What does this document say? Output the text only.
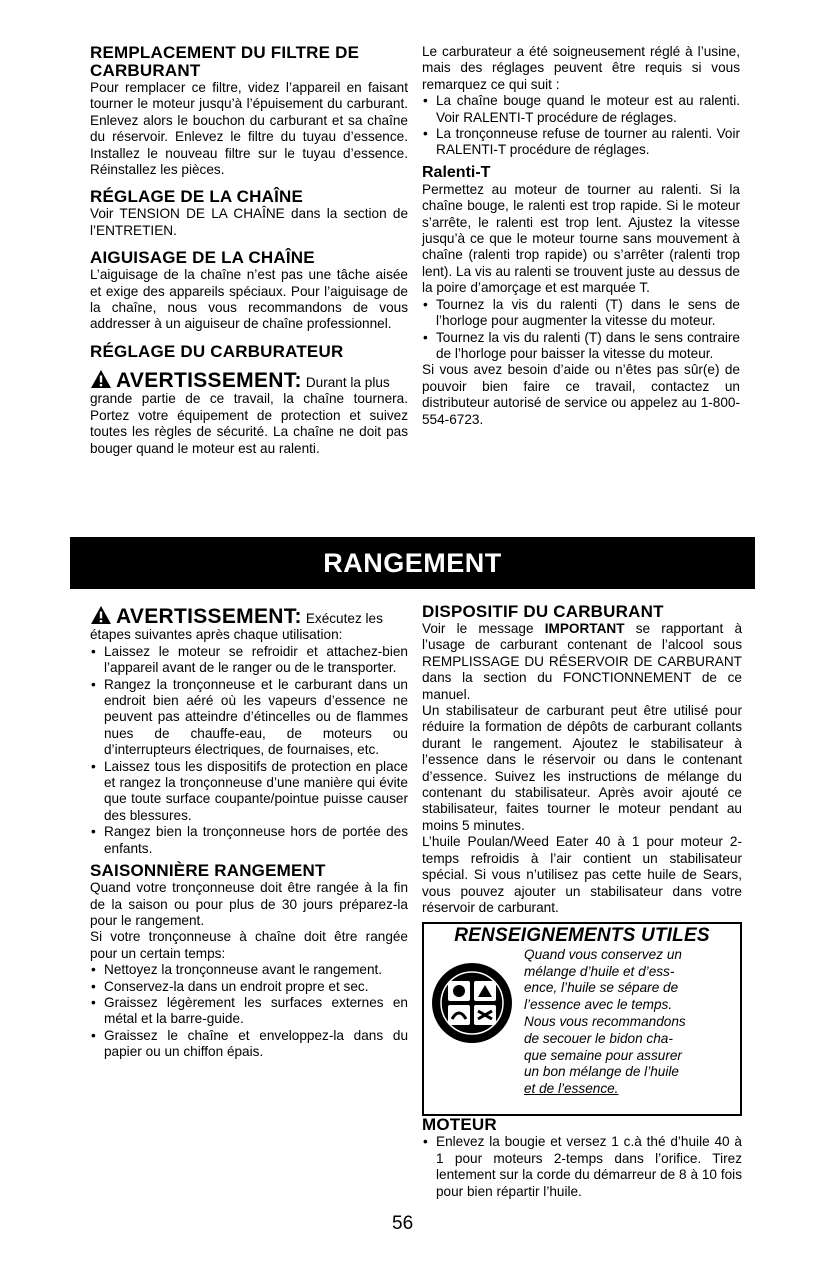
REMPLACEMENT DU FILTRE DE CARBURANT

Pour remplacer ce filtre, videz l’appareil en faisant tourner le moteur jusqu’à l’épuisement du carburant. Enlevez alors le bouchon du carburant et sa chaîne du réservoir. Enlevez le filtre du tuyau d’essence. Installez le nouveau filtre sur le tuyau d’essence. Réinstallez les pièces.

RÉGLAGE DE LA CHAÎNE

Voir TENSION DE LA CHAÎNE dans la section de l’ENTRETIEN.

AIGUISAGE DE LA CHAÎNE

L’aiguisage de la chaîne n’est pas une tâche aisée et exige des appareils spéciaux. Pour l’aiguisage de la chaîne, nous vous recommandons de vous addresser à un aiguiseur de chaîne professionnel.

RÉGLAGE DU CARBURATEUR
AVERTISSEMENT: Durant la plus

grande partie de ce travail, la chaîne tournera. Portez votre équipement de protection et suivez toutes les règles de sécurité. La chaîne ne doit pas bouger quand le moteur est au ralenti.

Le carburateur a été soigneusement réglé à l’usine, mais des réglages peuvent être requis si vous remarquez ce qui suit :

• La chaîne bouge quand le moteur est au ralenti. Voir RALENTI-T procédure de réglages.
• La tronçonneuse refuse de tourner au ralenti. Voir RALENTI-T procédure de réglages.
Ralenti-T

Permettez au moteur de tourner au ralenti. Si la chaîne bouge, le ralenti est trop rapide. Si le moteur s’arrête, le ralenti est trop lent. Ajustez la vitesse jusqu’à ce que le moteur tourne sans mouvement à chaîne (ralenti trop rapide) ou s’arrêter (ralenti trop lent). La vis au ralenti se trouvent juste au dessus de la poire d’amorçage et est marquée T.

• Tournez la vis du ralenti (T) dans le sens de l’horloge pour augmenter la vitesse du moteur.
• Tournez la vis du ralenti (T) dans le sens contraire de l’horloge pour baisser la vitesse du moteur.

Si vous avez besoin d’aide ou n’êtes pas sûr(e) de pouvoir bien faire ce travail, contactez un distributeur autorisé de service ou appelez au 1-800-554-6723.

RANGEMENT
AVERTISSEMENT: Exécutez les

étapes suivantes après chaque utilisation:

• Laissez le moteur se refroidir et attachez-bien l’appareil avant de le ranger ou de le transporter.
• Rangez la tronçonneuse et le carburant dans un endroit bien aéré où les vapeurs d’essence ne peuvent pas atteindre d’étincelles ou de flammes nues de chauffe-eau, de moteurs ou d’interrupteurs électriques, de fournaises, etc.
• Laissez tous les dispositifs de protection en place et rangez la tronçonneuse d’une manière qui évite que toute surface coupante/pointue puisse causer des blessures.
• Rangez bien la tronçonneuse hors de portée des enfants.
SAISONNIÈRE RANGEMENT

Quand votre tronçonneuse doit être rangée à la fin de la saison ou pour plus de 30 jours préparez-la pour le rangement.

Si votre tronçonneuse à chaîne doit être rangée pour un certain temps:

• Nettoyez la tronçonneuse avant le rangement.
• Conservez-la dans un endroit propre et sec.
• Graissez légèrement les surfaces externes en métal et la barre-guide.
• Graissez le chaîne et enveloppez-la dans du papier ou un chiffon épais.
DISPOSITIF DU CARBURANT

Voir le message IMPORTANT se rapportant à l’usage de carburant contenant de l’alcool sous REMPLISSAGE DU RÉSERVOIR DE CARBURANT dans la section du FONCTIONNEMENT de ce manuel.

Un stabilisateur de carburant peut être utilisé pour réduire la formation de dépôts de carburant collants durant le rangement. Ajoutez le stabilisateur à l’essence dans le réservoir ou dans le contenant d’essence. Suivez les instructions de mélange du contenant du stabilisateur. Après avoir ajouté ce stabilisateur, faites tourner le moteur pendant au moins 5 minutes.

L’huile Poulan/Weed Eater 40 à 1 pour moteur 2-temps refroidis à l’air contient un stabilisateur spécial. Si vous n’utilisez pas cette huile de Sears, vous pouvez ajouter un stabilisateur dans votre réservoir de carburant.

RENSEIGNEMENTS UTILES
Quand vous conservez un
mélange d’huile et d’ess-
ence, l’huile se sépare de
l’essence avec le temps.
Nous vous recommandons
de secouer le bidon cha-
que semaine pour assurer
un bon mélange de l’huile
et de l’essence.
MOTEUR
• Enlevez la bougie et versez 1 c.à thé d’huile 40 à 1 pour moteurs 2-temps dans l’orifice. Tirez lentement sur la corde du démarreur de 8 à 10 fois pour bien répartir l’huile.
56
